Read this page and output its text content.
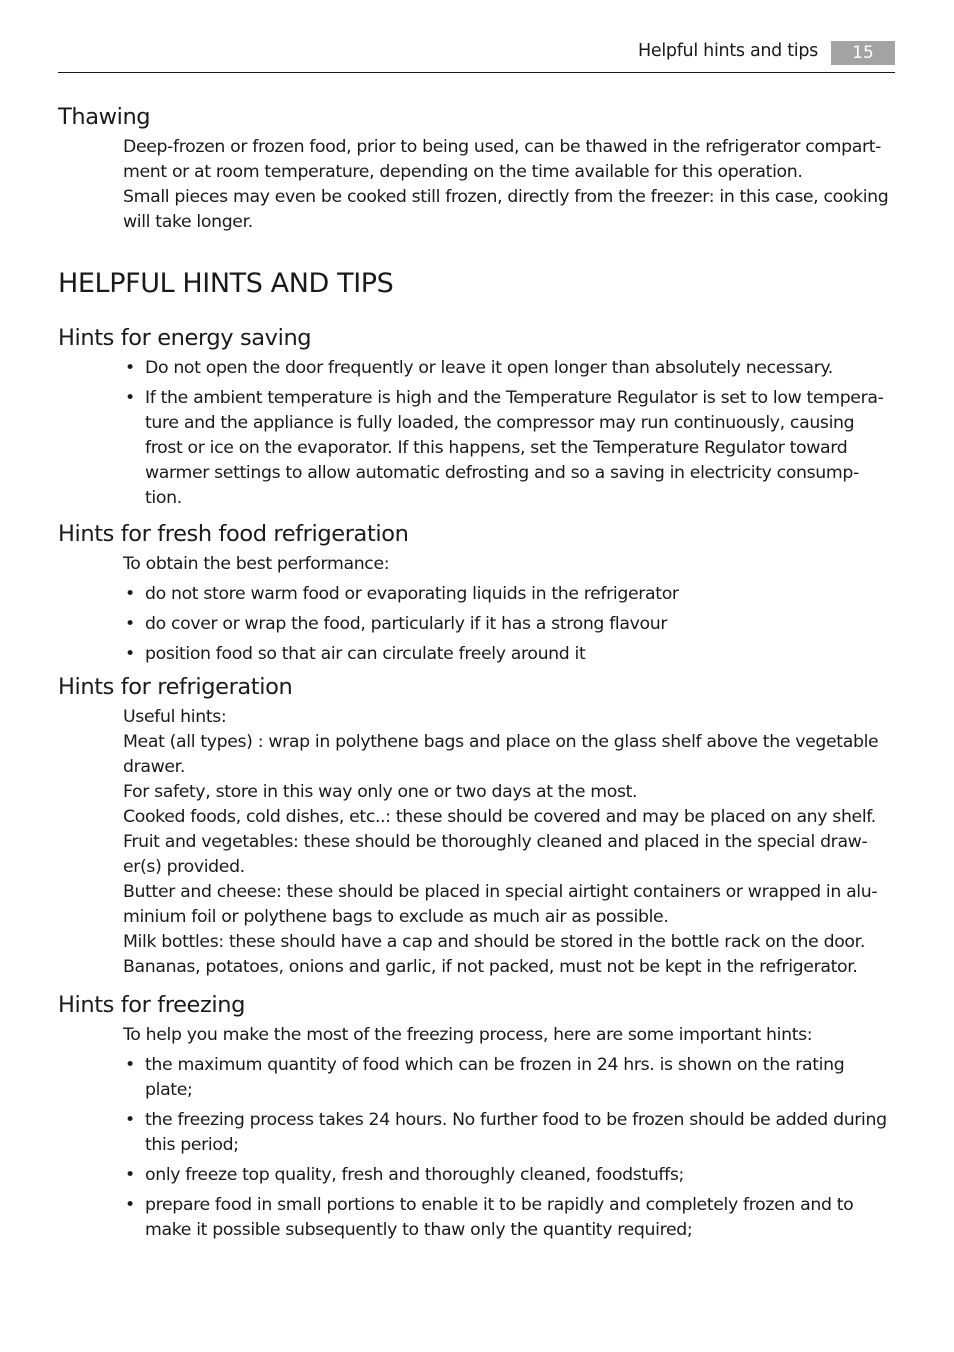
Helpful hints and tips	15
Thawing

Deep-frozen or frozen food, prior to being used, can be thawed in the refrigerator compart-

ment or at room temperature, depending on the time available for this operation.

Small pieces may even be cooked still frozen, directly from the freezer: in this case, cooking

will take longer.

HELPFUL HINTS AND TIPS
Hints for energy saving
• Do not open the door frequently or leave it open longer than absolutely necessary.
• If the ambient temperature is high and the Temperature Regulator is set to low tempera-
ture and the appliance is fully loaded, the compressor may run continuously, causing
frost or ice on the evaporator. If this happens, set the Temperature Regulator toward
warmer settings to allow automatic defrosting and so a saving in electricity consump-
tion.
Hints for fresh food refrigeration
To obtain the best performance:
• do not store warm food or evaporating liquids in the refrigerator
• do cover or wrap the food, particularly if it has a strong flavour
• position food so that air can circulate freely around it
Hints for refrigeration

Useful hints:

Meat (all types) : wrap in polythene bags and place on the glass shelf above the vegetable

drawer.

For safety, store in this way only one or two days at the most.

Cooked foods, cold dishes, etc..: these should be covered and may be placed on any shelf.

Fruit and vegetables: these should be thoroughly cleaned and placed in the special draw-

er(s) provided.

Butter and cheese: these should be placed in special airtight containers or wrapped in alu-

minium foil or polythene bags to exclude as much air as possible.

Milk bottles: these should have a cap and should be stored in the bottle rack on the door.

Bananas, potatoes, onions and garlic, if not packed, must not be kept in the refrigerator.

Hints for freezing
To help you make the most of the freezing process, here are some important hints:
• the maximum quantity of food which can be frozen in 24 hrs. is shown on the rating
plate;
• the freezing process takes 24 hours. No further food to be frozen should be added during
this period;
• only freeze top quality, fresh and thoroughly cleaned, foodstuffs;
• prepare food in small portions to enable it to be rapidly and completely frozen and to
make it possible subsequently to thaw only the quantity required;
